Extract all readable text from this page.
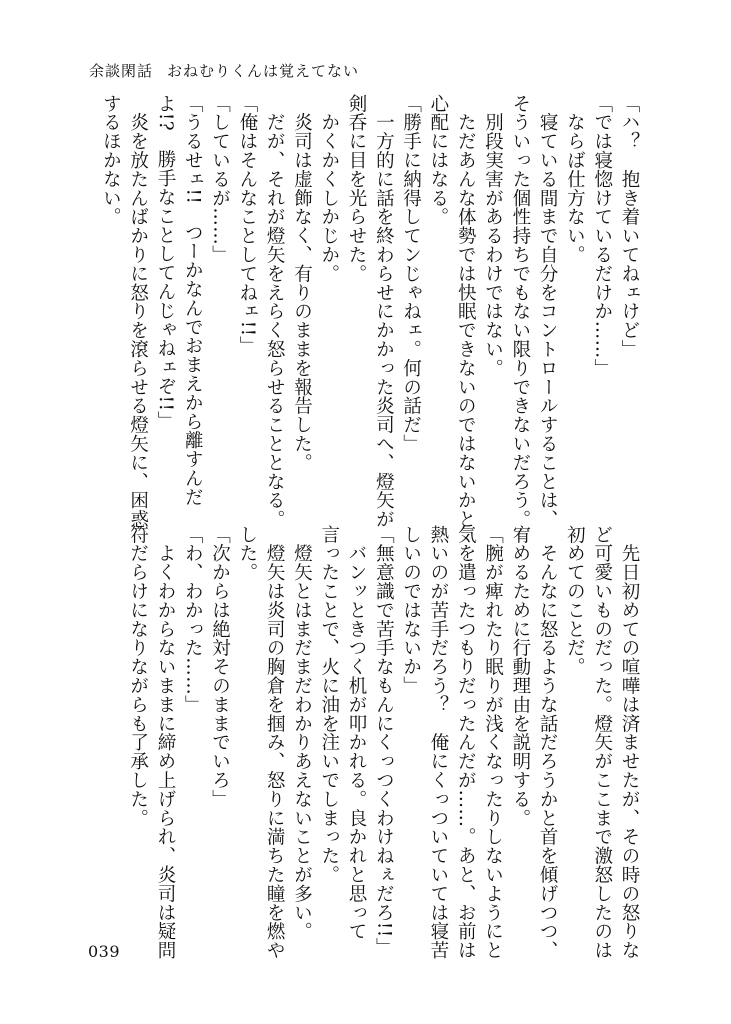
余談閑話 おねむりくんは覚えてない

「ハ？　抱き着いてねェけど」

「では寝惚けているだけか……」

　ならば仕方ない。

　寝ている間まで自分をコントロールすることは、

そういった個性持ちでもない限りできないだろう。

　別段実害があるわけではない。

　ただあんな体勢では快眠できないのではないかと

心配にはなる。

「勝手に納得してンじゃねェ。何の話だ」

　一方的に話を終わらせにかかった炎司へ、燈矢が

剣呑に目を光らせた。

　かくかくしかじか。

　炎司は虚飾なく、有りのままを報告した。

　だが、それが燈矢をえらく怒らせることとなる。

「俺はそんなことしてねェ!!」

「しているが……」

「うるせェ!!　つーかなんでおまえから離すんだ

よ!?　勝手なことしてんじゃねェぞ!!」

　炎を放たんばかりに怒りを滾らせる燈矢に、困惑

するほかない。

　先日初めての喧嘩は済ませたが、その時の怒りな

ど可愛いものだった。燈矢がここまで激怒したのは

初めてのことだ。

　そんなに怒るような話だろうかと首を傾げつつ、

宥めるために行動理由を説明する。

「腕が痺れたり眠りが浅くなったりしないようにと

気を遣ったつもりだったんだが……。あと、お前は

熱いのが苦手だろう？　俺にくっついていては寝苦

しいのではないか」

「無意識で苦手なもんにくっつくわけねぇだろ!!」

　バンッときつく机が叩かれる。良かれと思って

言ったことで、火に油を注いでしまった。

　燈矢とはまだまだわかりあえないことが多い。

　燈矢は炎司の胸倉を掴み、怒りに満ちた瞳を燃や

した。

「次からは絶対そのままでいろ」

「わ、わかった……」

　よくわからないままに締め上げられ、炎司は疑問

符だらけになりながらも了承した。

039
